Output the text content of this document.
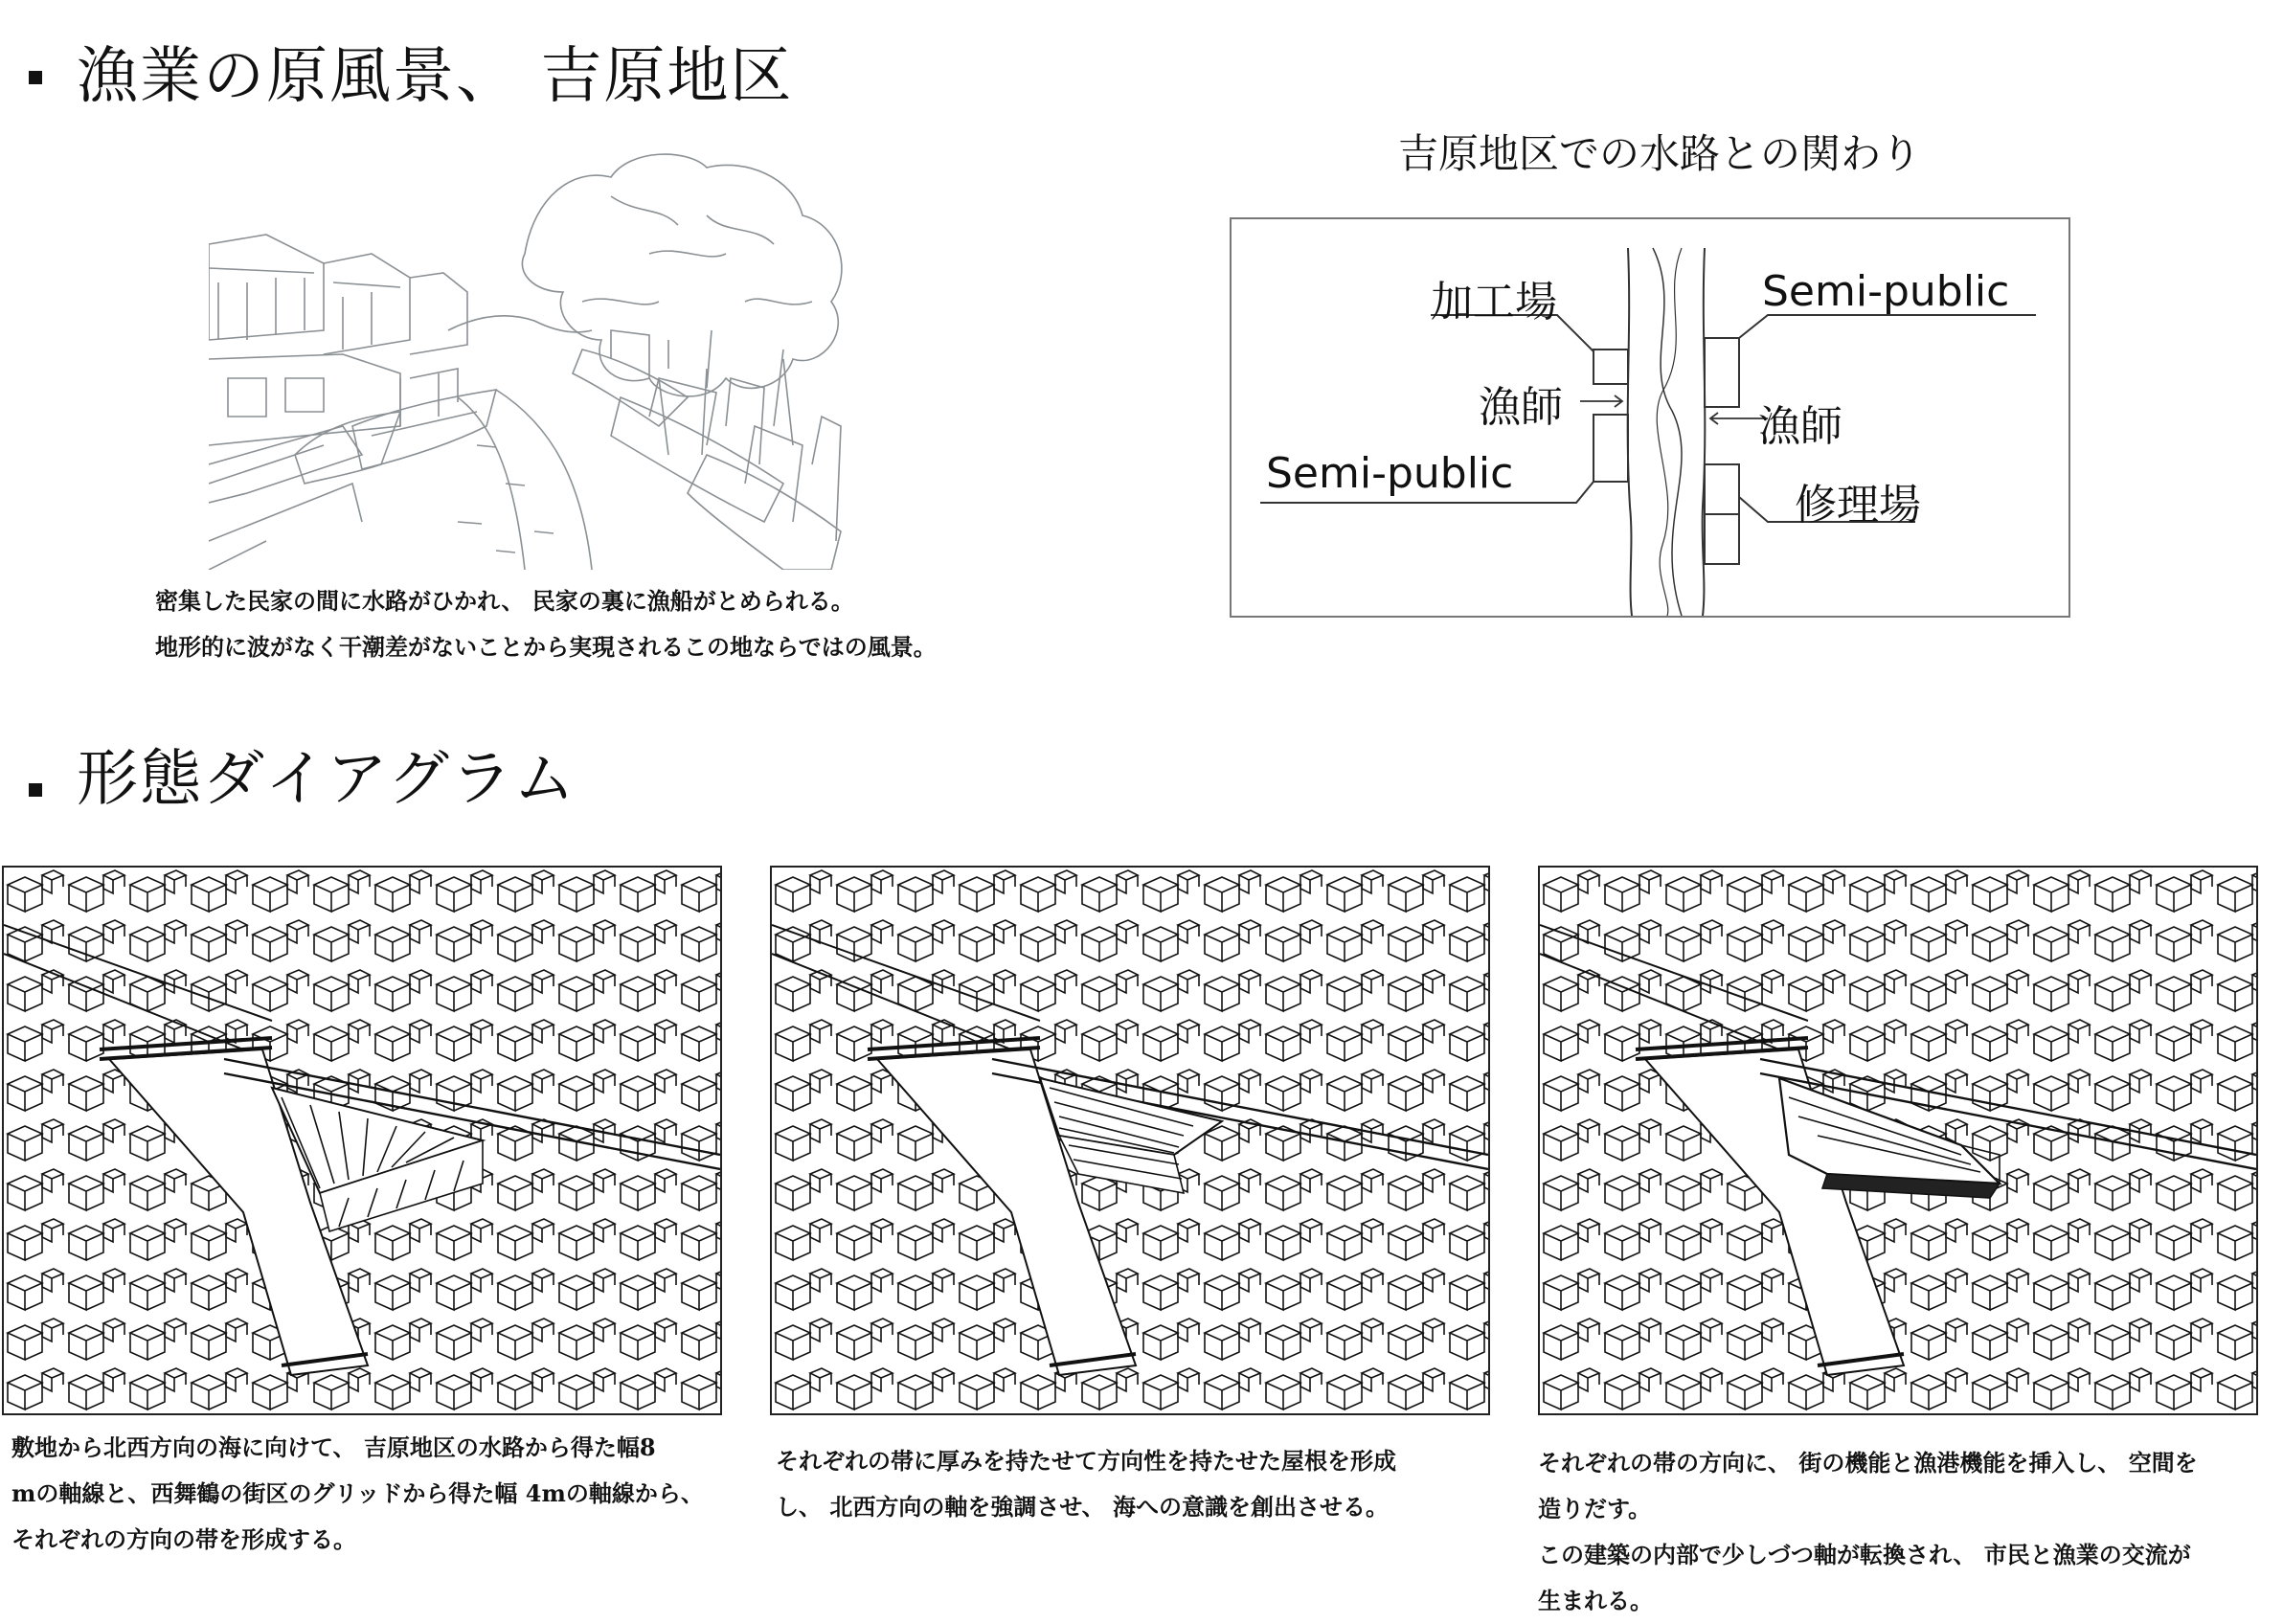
漁業の原風景、 吉原地区
密集した民家の間に水路がひかれ、 民家の裏に漁船がとめられる。
地形的に波がなく干潮差がないことから実現されるこの地ならではの風景。
吉原地区での水路との関わり
加工場
漁師
Semi-public
Semi-public
漁師
修理場
形態ダイアグラム
敷地から北西方向の海に向けて、 吉原地区の水路から得た幅8
mの軸線と、西舞鶴の街区のグリッドから得た幅 4mの軸線から、
それぞれの方向の帯を形成する。
それぞれの帯に厚みを持たせて方向性を持たせた屋根を形成
し、 北西方向の軸を強調させ、 海への意識を創出させる。
それぞれの帯の方向に、 街の機能と漁港機能を挿入し、 空間を
造りだす。
この建築の内部で少しづつ軸が転換され、 市民と漁業の交流が
生まれる。
